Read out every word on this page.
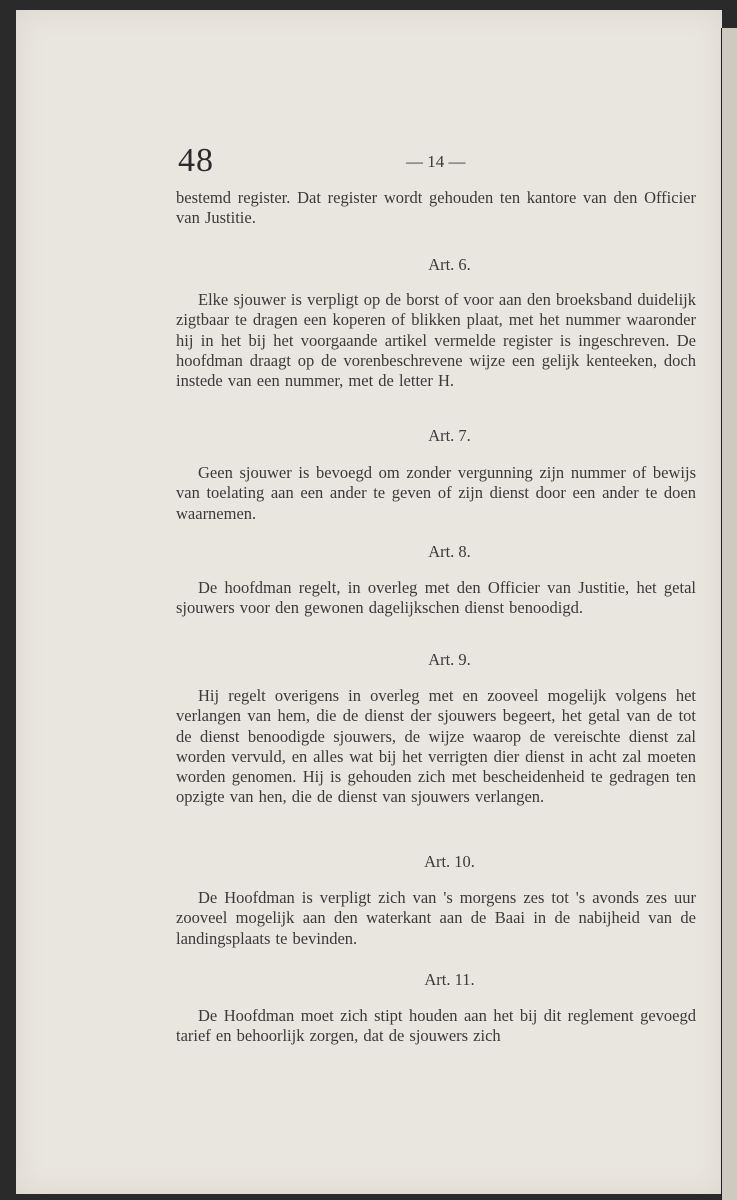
48	— 14 —
bestemd register. Dat register wordt gehouden ten kantore van den Officier van Justitie.
Art. 6.
Elke sjouwer is verpligt op de borst of voor aan den broeksband duidelijk zigtbaar te dragen een koperen of blikken plaat, met het nummer waaronder hij in het bij het voorgaande artikel vermelde register is ingeschreven. De hoofdman draagt op de vorenbeschrevene wijze een gelijk kenteeken, doch instede van een nummer, met de letter H.
Art. 7.
Geen sjouwer is bevoegd om zonder vergunning zijn nummer of bewijs van toelating aan een ander te geven of zijn dienst door een ander te doen waarnemen.
Art. 8.
De hoofdman regelt, in overleg met den Officier van Justitie, het getal sjouwers voor den gewonen dagelijkschen dienst benoodigd.
Art. 9.
Hij regelt overigens in overleg met en zooveel mogelijk volgens het verlangen van hem, die de dienst der sjouwers begeert, het getal van de tot de dienst benoodigde sjouwers, de wijze waarop de vereischte dienst zal worden vervuld, en alles wat bij het verrigten dier dienst in acht zal moeten worden genomen. Hij is gehouden zich met bescheidenheid te gedragen ten opzigte van hen, die de dienst van sjouwers verlangen.
Art. 10.
De Hoofdman is verpligt zich van 's morgens zes tot 's avonds zes uur zooveel mogelijk aan den waterkant aan de Baai in de nabijheid van de landingsplaats te bevinden.
Art. 11.
De Hoofdman moet zich stipt houden aan het bij dit reglement gevoegd tarief en behoorlijk zorgen, dat de sjouwers zich
